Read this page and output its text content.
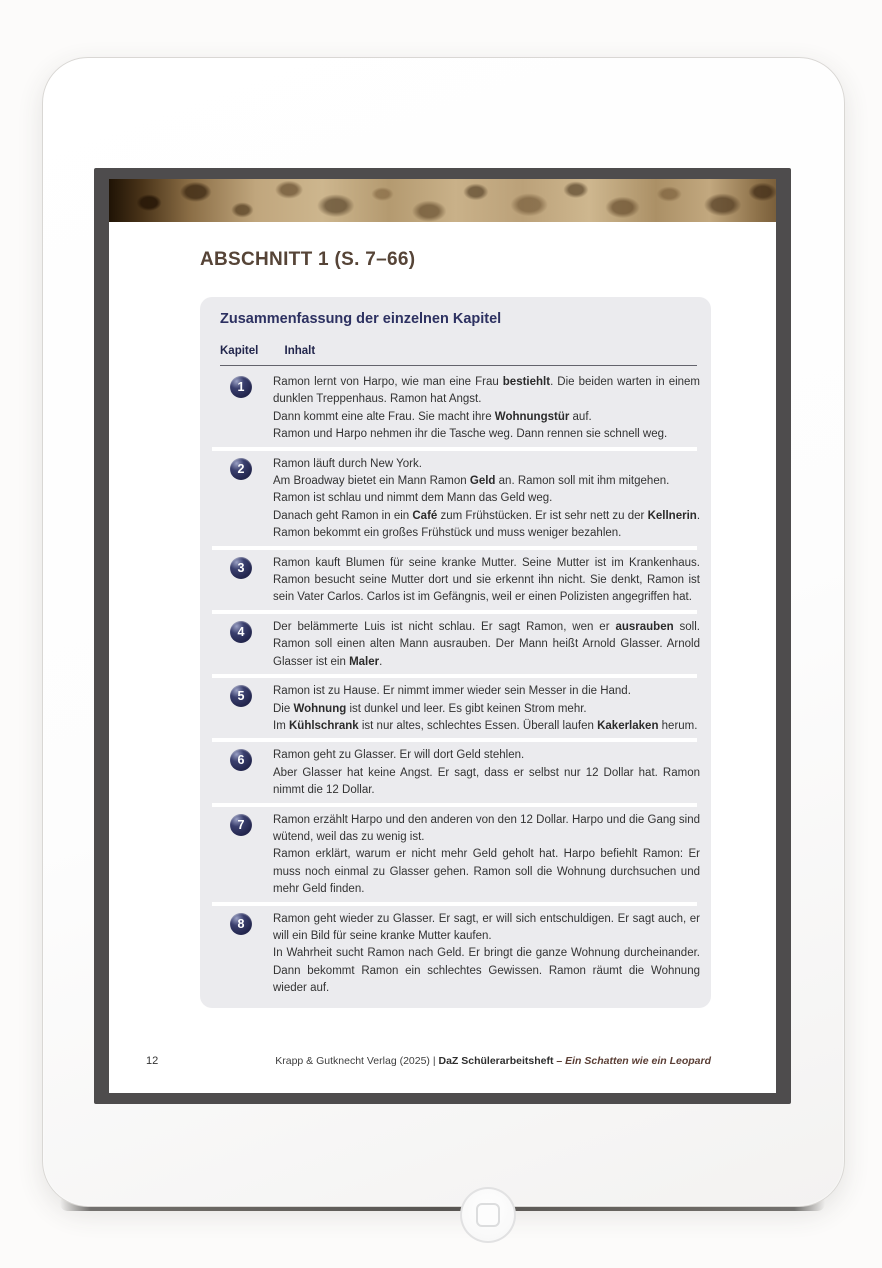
ABSCHNITT 1 (S. 7–66)
Zusammenfassung der einzelnen Kapitel
Kapitel Inhalt
1	Ramon lernt von Harpo, wie man eine Frau bestiehlt. Die beiden warten in einem dunklen Treppenhaus. Ramon hat Angst.
Dann kommt eine alte Frau. Sie macht ihre Wohnungstür auf.
Ramon und Harpo nehmen ihr die Tasche weg. Dann rennen sie schnell weg.
2	Ramon läuft durch New York.
Am Broadway bietet ein Mann Ramon Geld an. Ramon soll mit ihm mitgehen.
Ramon ist schlau und nimmt dem Mann das Geld weg.
Danach geht Ramon in ein Café zum Frühstücken. Er ist sehr nett zu der Kellnerin. Ramon bekommt ein großes Frühstück und muss weniger bezahlen.
3	Ramon kauft Blumen für seine kranke Mutter. Seine Mutter ist im Krankenhaus. Ramon besucht seine Mutter dort und sie erkennt ihn nicht. Sie denkt, Ramon ist sein Vater Carlos. Carlos ist im Gefängnis, weil er einen Polizisten angegriffen hat.
4	Der belämmerte Luis ist nicht schlau. Er sagt Ramon, wen er ausrauben soll. Ramon soll einen alten Mann ausrauben. Der Mann heißt Arnold Glasser. Arnold Glasser ist ein Maler.
5	Ramon ist zu Hause. Er nimmt immer wieder sein Messer in die Hand.
Die Wohnung ist dunkel und leer. Es gibt keinen Strom mehr.
Im Kühlschrank ist nur altes, schlechtes Essen. Überall laufen Kakerlaken herum.
6	Ramon geht zu Glasser. Er will dort Geld stehlen.
Aber Glasser hat keine Angst. Er sagt, dass er selbst nur 12 Dollar hat. Ramon nimmt die 12 Dollar.
7	Ramon erzählt Harpo und den anderen von den 12 Dollar. Harpo und die Gang sind wütend, weil das zu wenig ist.
Ramon erklärt, warum er nicht mehr Geld geholt hat. Harpo befiehlt Ramon: Er muss noch einmal zu Glasser gehen. Ramon soll die Wohnung durchsuchen und mehr Geld finden.
8	Ramon geht wieder zu Glasser. Er sagt, er will sich entschuldigen. Er sagt auch, er will ein Bild für seine kranke Mutter kaufen.
In Wahrheit sucht Ramon nach Geld. Er bringt die ganze Wohnung durcheinander. Dann bekommt Ramon ein schlechtes Gewissen. Ramon räumt die Wohnung wieder auf.
12	Krapp & Gutknecht Verlag (2025) | DaZ Schülerarbeitsheft – Ein Schatten wie ein Leopard
